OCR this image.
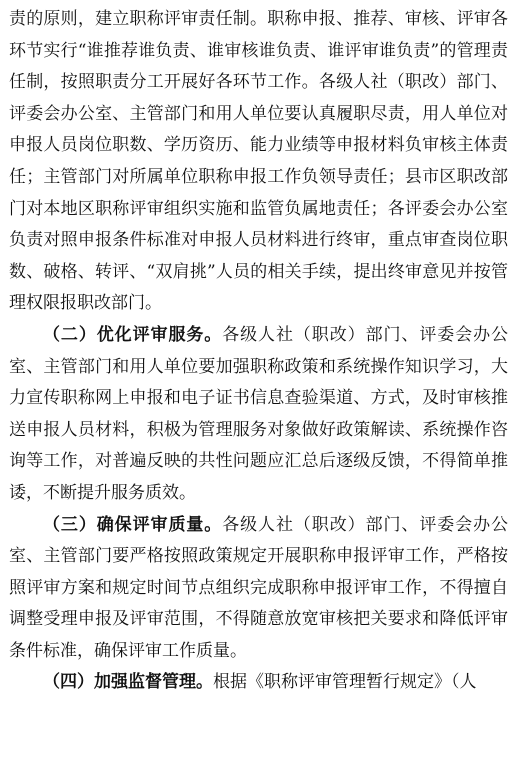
责的原则，建立职称评审责任制。职称申报、推荐、审核、评审各环节实行“谁推荐谁负责、谁审核谁负责、谁评审谁负责”的管理责任制，按照职责分工开展好各环节工作。各级人社（职改）部门、评委会办公室、主管部门和用人单位要认真履职尽责，用人单位对申报人员岗位职数、学历资历、能力业绩等申报材料负审核主体责任；主管部门对所属单位职称申报工作负领导责任；县市区职改部门对本地区职称评审组织实施和监管负属地责任；各评委会办公室负责对照申报条件标准对申报人员材料进行终审，重点审查岗位职数、破格、转评、“双肩挑”人员的相关手续，提出终审意见并按管理权限报职改部门。

（二）优化评审服务。各级人社（职改）部门、评委会办公室、主管部门和用人单位要加强职称政策和系统操作知识学习，大力宣传职称网上申报和电子证书信息查验渠道、方式，及时审核推送申报人员材料，积极为管理服务对象做好政策解读、系统操作咨询等工作，对普遍反映的共性问题应汇总后逐级反馈，不得简单推诿，不断提升服务质效。

（三）确保评审质量。各级人社（职改）部门、评委会办公室、主管部门要严格按照政策规定开展职称申报评审工作，严格按照评审方案和规定时间节点组织完成职称申报评审工作，不得擅自调整受理申报及评审范围，不得随意放宽审核把关要求和降低评审条件标准，确保评审工作质量。

（四）加强监督管理。根据《职称评审管理暂行规定》（人
